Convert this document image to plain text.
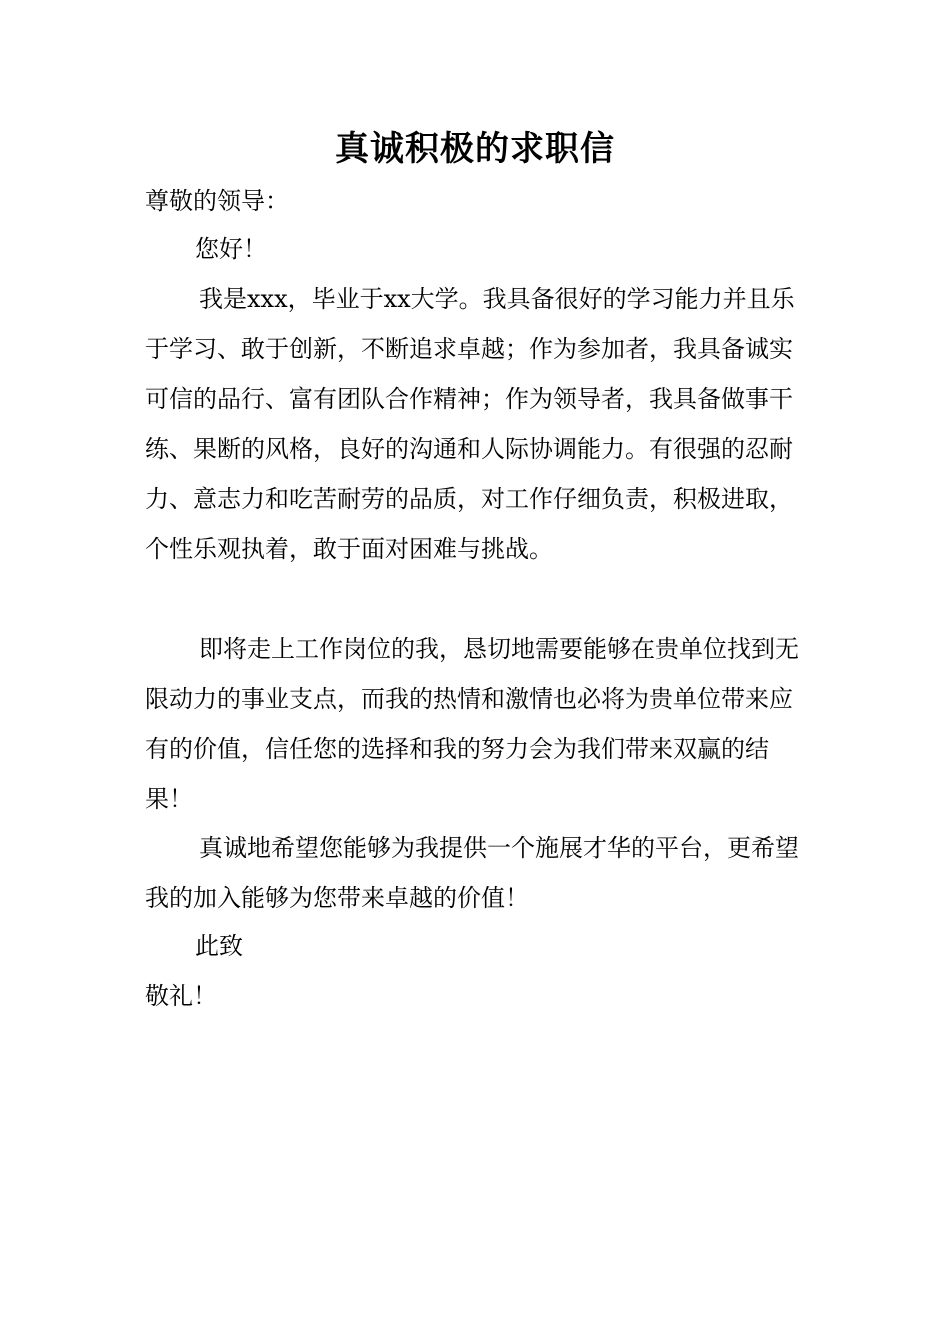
真诚积极的求职信

尊敬的领导：

您好！

我是xxx，毕业于xx大学。我具备很好的学习能力并且乐于学习、敢于创新，不断追求卓越；作为参加者，我具备诚实可信的品行、富有团队合作精神；作为领导者，我具备做事干练、果断的风格，良好的沟通和人际协调能力。有很强的忍耐力、意志力和吃苦耐劳的品质，对工作仔细负责，积极进取，个性乐观执着，敢于面对困难与挑战。

即将走上工作岗位的我，恳切地需要能够在贵单位找到无限动力的事业支点，而我的热情和激情也必将为贵单位带来应有的价值，信任您的选择和我的努力会为我们带来双赢的结果！

真诚地希望您能够为我提供一个施展才华的平台，更希望我的加入能够为您带来卓越的价值！

此致

敬礼！
